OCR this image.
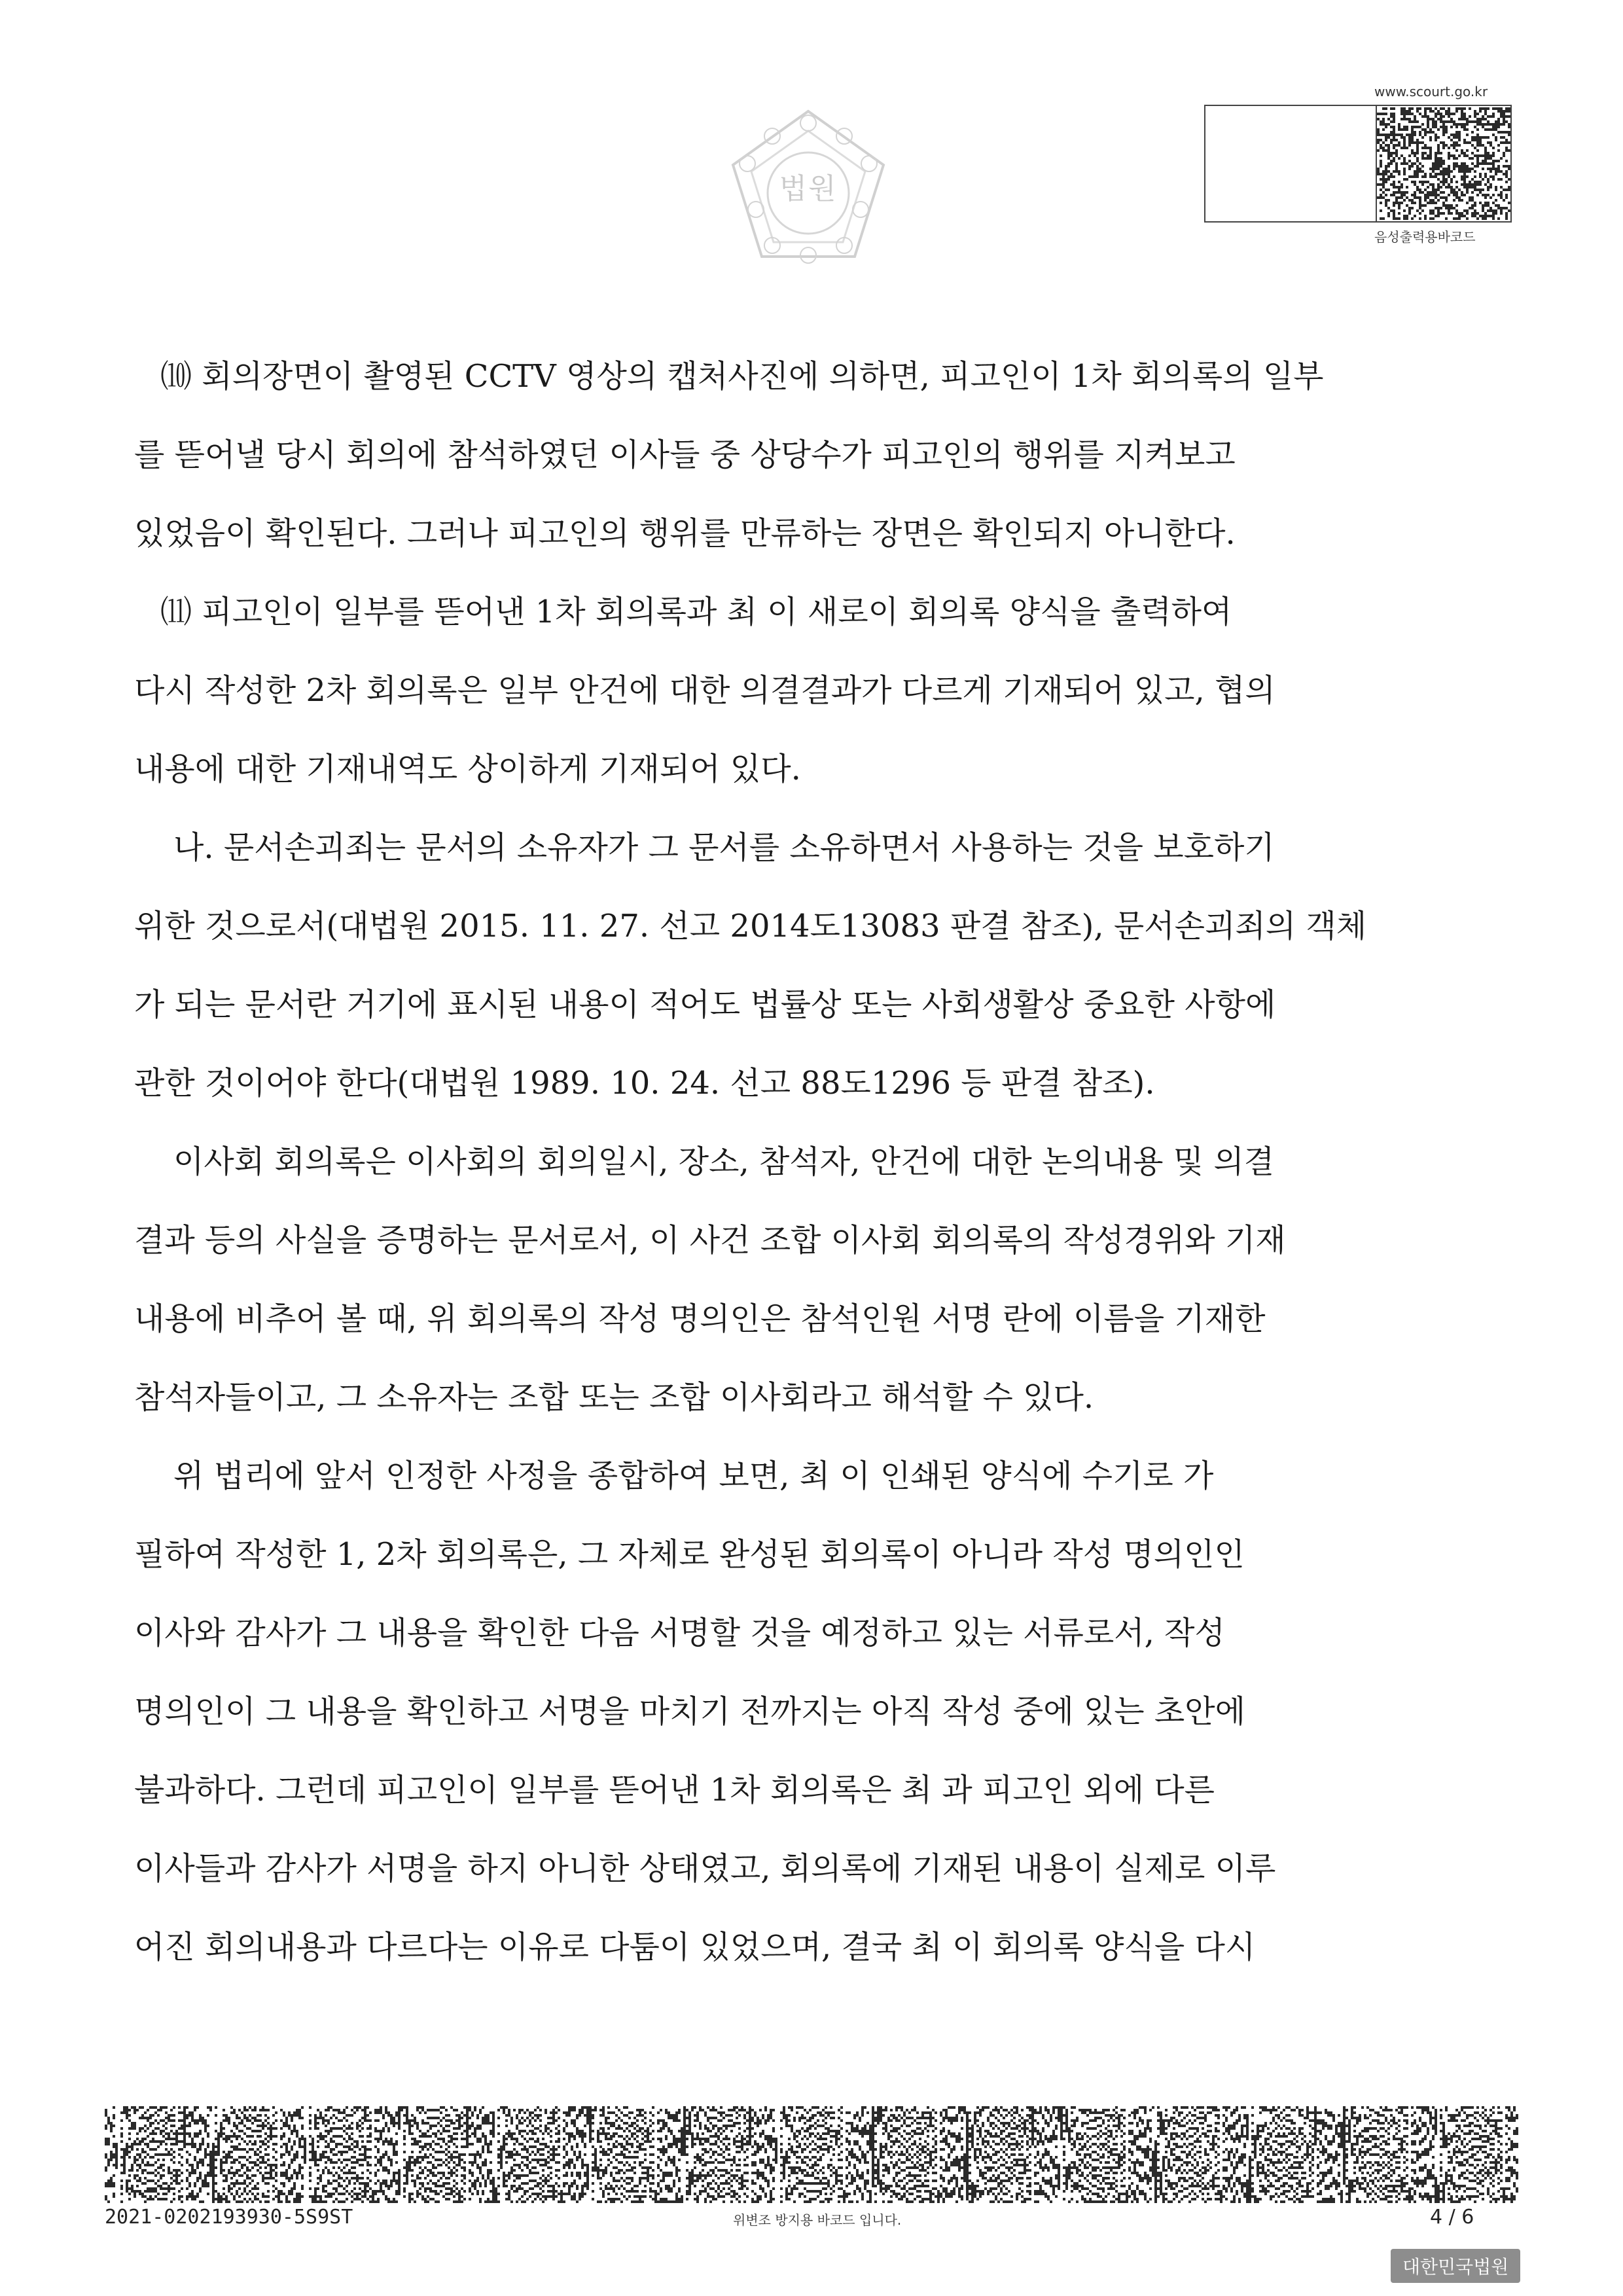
법원
www.scourt.go.kr
음성출력용바코드

⑽ 회의장면이 촬영된 CCTV 영상의 캡처사진에 의하면, 피고인이 1차 회의록의 일부
를 뜯어낼 당시 회의에 참석하였던 이사들 중 상당수가 피고인의 행위를 지켜보고
있었음이 확인된다. 그러나 피고인의 행위를 만류하는 장면은 확인되지 아니한다.

⑾ 피고인이 일부를 뜯어낸 1차 회의록과 최 이 새로이 회의록 양식을 출력하여
다시 작성한 2차 회의록은 일부 안건에 대한 의결결과가 다르게 기재되어 있고, 협의
내용에 대한 기재내역도 상이하게 기재되어 있다.

나. 문서손괴죄는 문서의 소유자가 그 문서를 소유하면서 사용하는 것을 보호하기
위한 것으로서(대법원 2015. 11. 27. 선고 2014도13083 판결 참조), 문서손괴죄의 객체
가 되는 문서란 거기에 표시된 내용이 적어도 법률상 또는 사회생활상 중요한 사항에
관한 것이어야 한다(대법원 1989. 10. 24. 선고 88도1296 등 판결 참조).

이사회 회의록은 이사회의 회의일시, 장소, 참석자, 안건에 대한 논의내용 및 의결
결과 등의 사실을 증명하는 문서로서, 이 사건 조합 이사회 회의록의 작성경위와 기재
내용에 비추어 볼 때, 위 회의록의 작성 명의인은 참석인원 서명 란에 이름을 기재한
참석자들이고, 그 소유자는 조합 또는 조합 이사회라고 해석할 수 있다.

위 법리에 앞서 인정한 사정을 종합하여 보면, 최 이 인쇄된 양식에 수기로 가
필하여 작성한 1, 2차 회의록은, 그 자체로 완성된 회의록이 아니라 작성 명의인인
이사와 감사가 그 내용을 확인한 다음 서명할 것을 예정하고 있는 서류로서, 작성
명의인이 그 내용을 확인하고 서명을 마치기 전까지는 아직 작성 중에 있는 초안에
불과하다. 그런데 피고인이 일부를 뜯어낸 1차 회의록은 최 과 피고인 외에 다른
이사들과 감사가 서명을 하지 아니한 상태였고, 회의록에 기재된 내용이 실제로 이루
어진 회의내용과 다르다는 이유로 다툼이 있었으며, 결국 최 이 회의록 양식을 다시

2021-0202193930-5S9ST	위변조 방지용 바코드 입니다.	4 / 6
대한민국법원
